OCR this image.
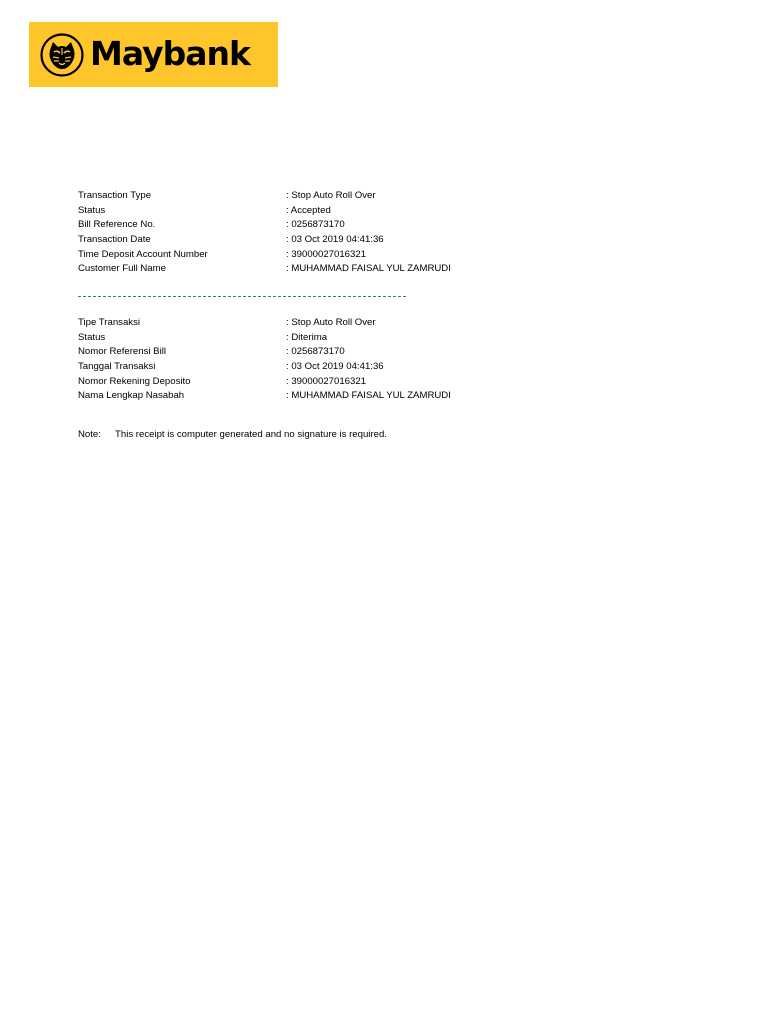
Maybank
Transaction Type	: Stop Auto Roll Over
Status	: Accepted
Bill Reference No.	: 0256873170
Transaction Date	: 03 Oct 2019 04:41:36
Time Deposit Account Number	: 39000027016321
Customer Full Name	: MUHAMMAD FAISAL YUL ZAMRUDI
Tipe Transaksi	: Stop Auto Roll Over
Status	: Diterima
Nomor Referensi Bill	: 0256873170
Tanggal Transaksi	: 03 Oct 2019 04:41:36
Nomor Rekening Deposito	: 39000027016321
Nama Lengkap Nasabah	: MUHAMMAD FAISAL YUL ZAMRUDI
Note: This receipt is computer generated and no signature is required.
